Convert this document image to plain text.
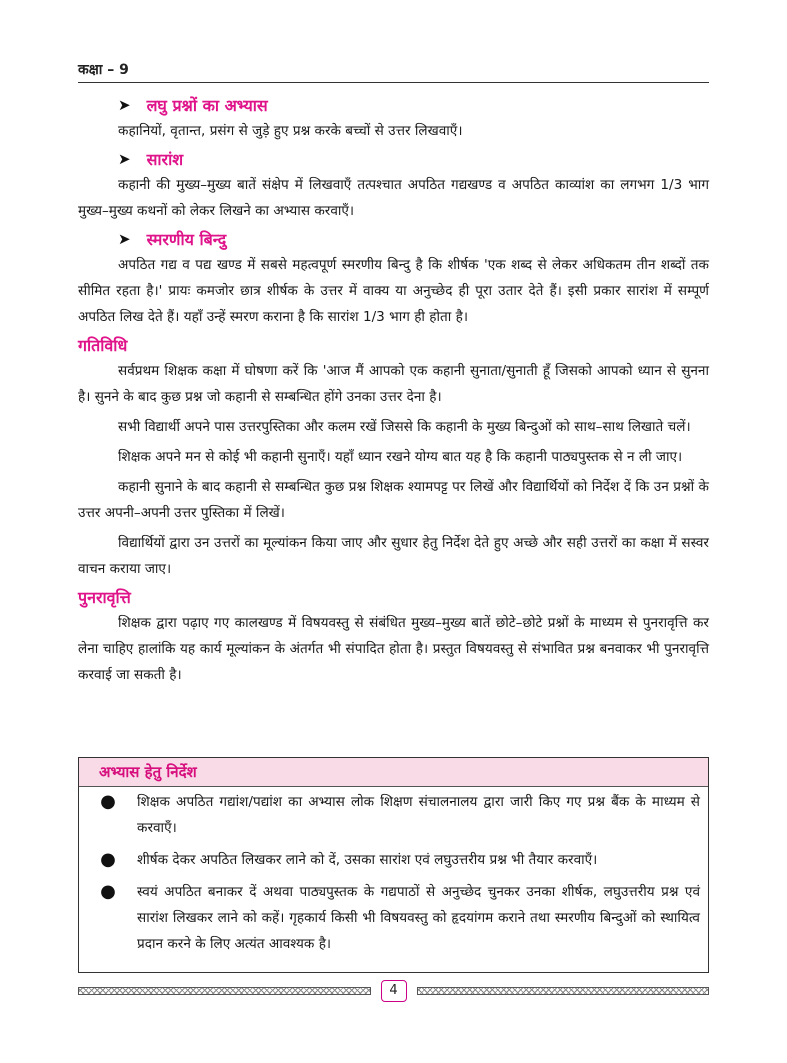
कक्षा – 9
➤ लघु प्रश्नों का अभ्यास

कहानियों, वृतान्त, प्रसंग से जुड़े हुए प्रश्न करके बच्चों से उत्तर लिखवाएँ।

➤ सारांश

कहानी की मुख्य–मुख्य बातें संक्षेप में लिखवाएँ तत्पश्चात अपठित गद्यखण्ड व अपठित काव्यांश का लगभग 1/3 भाग मुख्य–मुख्य कथनों को लेकर लिखने का अभ्यास करवाएँ।

➤ स्मरणीय बिन्दु

अपठित गद्य व पद्य खण्ड में सबसे महत्वपूर्ण स्मरणीय बिन्दु है कि शीर्षक 'एक शब्द से लेकर अधिकतम तीन शब्दों तक सीमित रहता है।' प्रायः कमजोर छात्र शीर्षक के उत्तर में वाक्य या अनुच्छेद ही पूरा उतार देते हैं। इसी प्रकार सारांश में सम्पूर्ण अपठित लिख देते हैं। यहाँ उन्हें स्मरण कराना है कि सारांश 1/3 भाग ही होता है।

गतिविधि

सर्वप्रथम शिक्षक कक्षा में घोषणा करें कि 'आज मैं आपको एक कहानी सुनाता/सुनाती हूँ जिसको आपको ध्यान से सुनना है। सुनने के बाद कुछ प्रश्न जो कहानी से सम्बन्धित होंगे उनका उत्तर देना है।

सभी विद्यार्थी अपने पास उत्तरपुस्तिका और कलम रखें जिससे कि कहानी के मुख्य बिन्दुओं को साथ–साथ लिखाते चलें।

शिक्षक अपने मन से कोई भी कहानी सुनाएँ। यहाँ ध्यान रखने योग्य बात यह है कि कहानी पाठ्यपुस्तक से न ली जाए।

कहानी सुनाने के बाद कहानी से सम्बन्धित कुछ प्रश्न शिक्षक श्यामपट्ट पर लिखें और विद्यार्थियों को निर्देश दें कि उन प्रश्नों के उत्तर अपनी–अपनी उत्तर पुस्तिका में लिखें।

विद्यार्थियों द्वारा उन उत्तरों का मूल्यांकन किया जाए और सुधार हेतु निर्देश देते हुए अच्छे और सही उत्तरों का कक्षा में सस्वर वाचन कराया जाए।

पुनरावृत्ति

शिक्षक द्वारा पढ़ाए गए कालखण्ड में विषयवस्तु से संबंधित मुख्य–मुख्य बातें छोटे–छोटे प्रश्नों के माध्यम से पुनरावृत्ति कर लेना चाहिए हालांकि यह कार्य मूल्यांकन के अंतर्गत भी संपादित होता है। प्रस्तुत विषयवस्तु से संभावित प्रश्न बनवाकर भी पुनरावृत्ति करवाई जा सकती है।

अभ्यास हेतु निर्देश
●	शिक्षक अपठित गद्यांश/पद्यांश का अभ्यास लोक शिक्षण संचालनालय द्वारा जारी किए गए प्रश्न बैंक के माध्यम से करवाएँ।

●	शीर्षक देकर अपठित लिखकर लाने को दें, उसका सारांश एवं लघुउत्तरीय प्रश्न भी तैयार करवाएँ।

●	स्वयं अपठित बनाकर दें अथवा पाठ्यपुस्तक के गद्यपाठों से अनुच्छेद चुनकर उनका शीर्षक, लघुउत्तरीय प्रश्न एवं सारांश लिखकर लाने को कहें। गृहकार्य किसी भी विषयवस्तु को हृदयांगम कराने तथा स्मरणीय बिन्दुओं को स्थायित्व प्रदान करने के लिए अत्यंत आवश्यक है।

4
